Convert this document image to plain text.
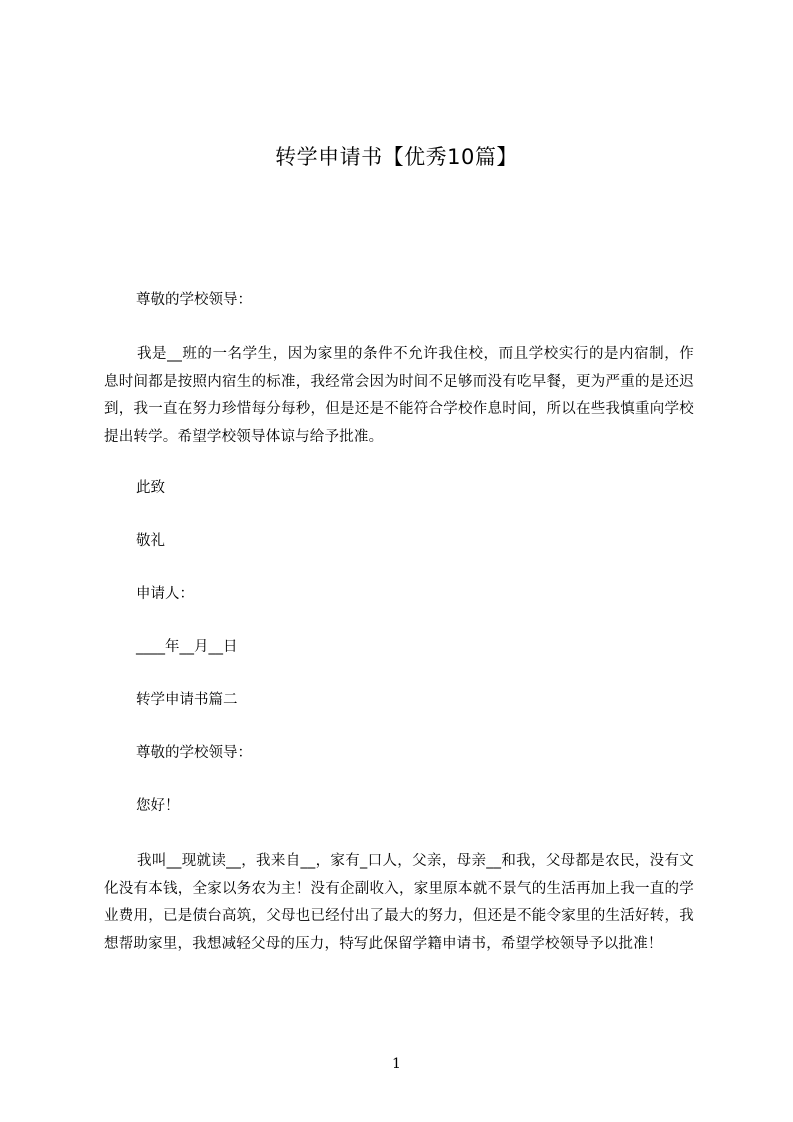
转学申请书【优秀10篇】
尊敬的学校领导：
我是__班的一名学生，因为家里的条件不允许我住校，而且学校实行的是内宿制，作息时间都是按照内宿生的标准，我经常会因为时间不足够而没有吃早餐，更为严重的是还迟到，我一直在努力珍惜每分每秒，但是还是不能符合学校作息时间，所以在些我慎重向学校提出转学。希望学校领导体谅与给予批准。
此致
敬礼
申请人：
____年__月__日
转学申请书篇二
尊敬的学校领导：
您好！
我叫__现就读__，我来自__，家有_口人，父亲，母亲__和我，父母都是农民，没有文化没有本钱，全家以务农为主！没有企副收入，家里原本就不景气的生活再加上我一直的学业费用，已是债台高筑，父母也已经付出了最大的努力，但还是不能令家里的生活好转，我想帮助家里，我想减轻父母的压力，特写此保留学籍申请书，希望学校领导予以批准！
1
